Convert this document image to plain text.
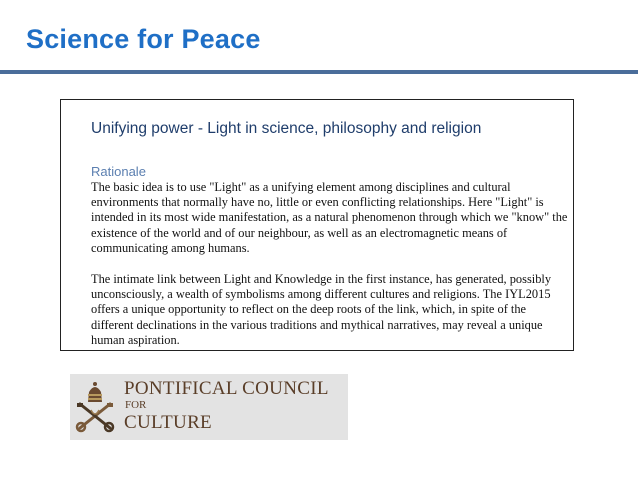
Science for Peace
Unifying power - Light in science, philosophy and religion
Rationale

The basic idea is to use "Light" as a unifying element among disciplines and cultural environments that normally have no, little or even conflicting relationships. Here "Light" is intended in its most wide manifestation, as a natural phenomenon through which we "know" the existence of the world and of our neighbour, as well as an electromagnetic means of communicating among humans.

The intimate link between Light and Knowledge in the first instance, has generated, possibly unconsciously, a wealth of symbolisms among different cultures and religions. The IYL2015 offers a unique opportunity to reflect on the deep roots of the link, which, in spite of the different declinations in the various traditions and mythical narratives, may reveal a unique human aspiration.

PONTIFICAL COUNCIL
FOR
CULTURE
